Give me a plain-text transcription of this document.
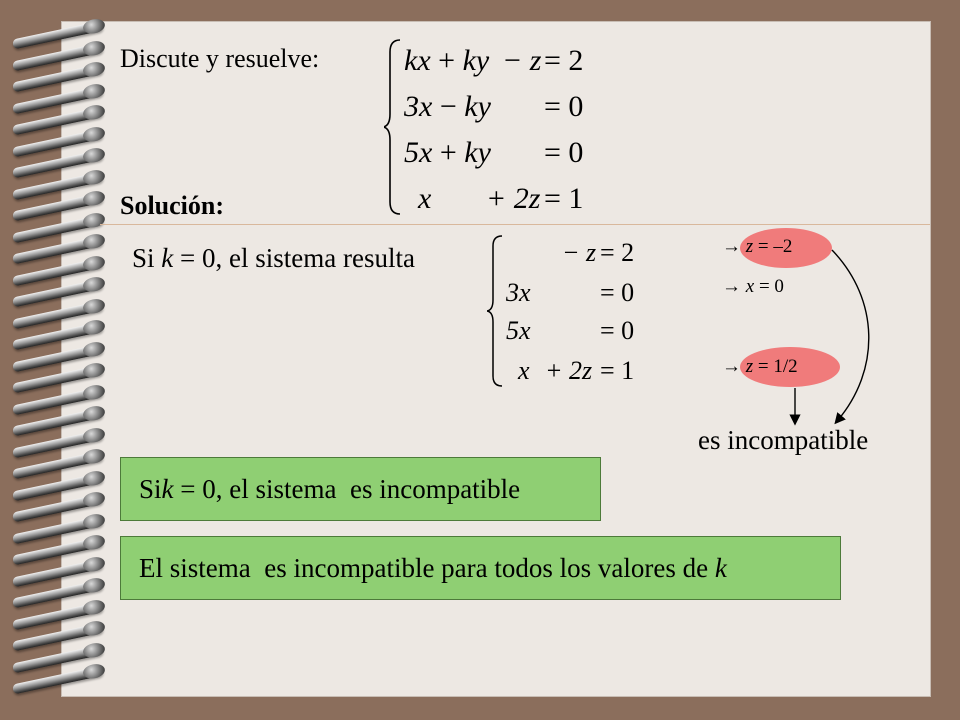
Discute y resuelve:	kx + ky − z = 2
3x − ky = 0
5x + ky = 0
x + 2z = 1
Solución:
Si k = 0, el sistema resulta	− z = 2
3x	= 0
5x	= 0
x + 2z = 1
→ z = –2
→ x = 0
→ z = 1/2
es incompatible
Si k = 0, el sistema  es incompatible
El sistema  es incompatible para todos los valores de k
